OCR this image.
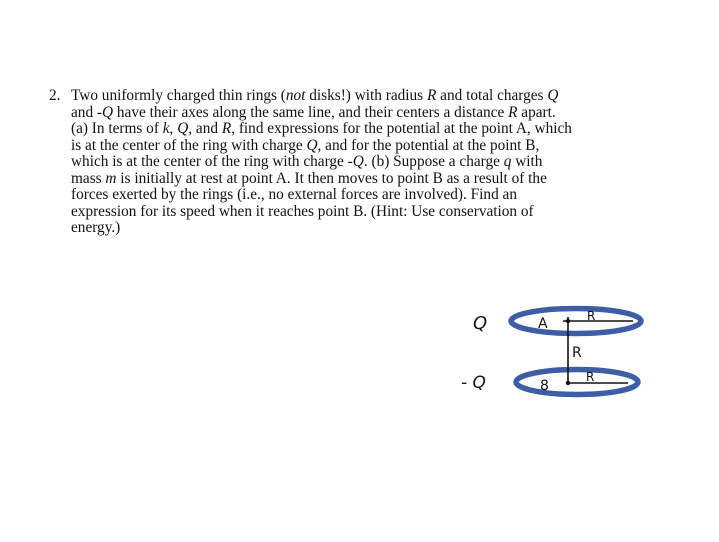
2. Two uniformly charged thin rings (not disks!) with radius R and total charges Q
and -Q have their axes along the same line, and their centers a distance R apart.
(a) In terms of k, Q, and R, find expressions for the potential at the point A, which
is at the center of the ring with charge Q, and for the potential at the point B,
which is at the center of the ring with charge -Q. (b) Suppose a charge q with
mass m is initially at rest at point A. It then moves to point B as a result of the
forces exerted by the rings (i.e., no external forces are involved). Find an
expression for its speed when it reaches point B. (Hint: Use conservation of
energy.)
Q
- Q
A
8
R
R
R
